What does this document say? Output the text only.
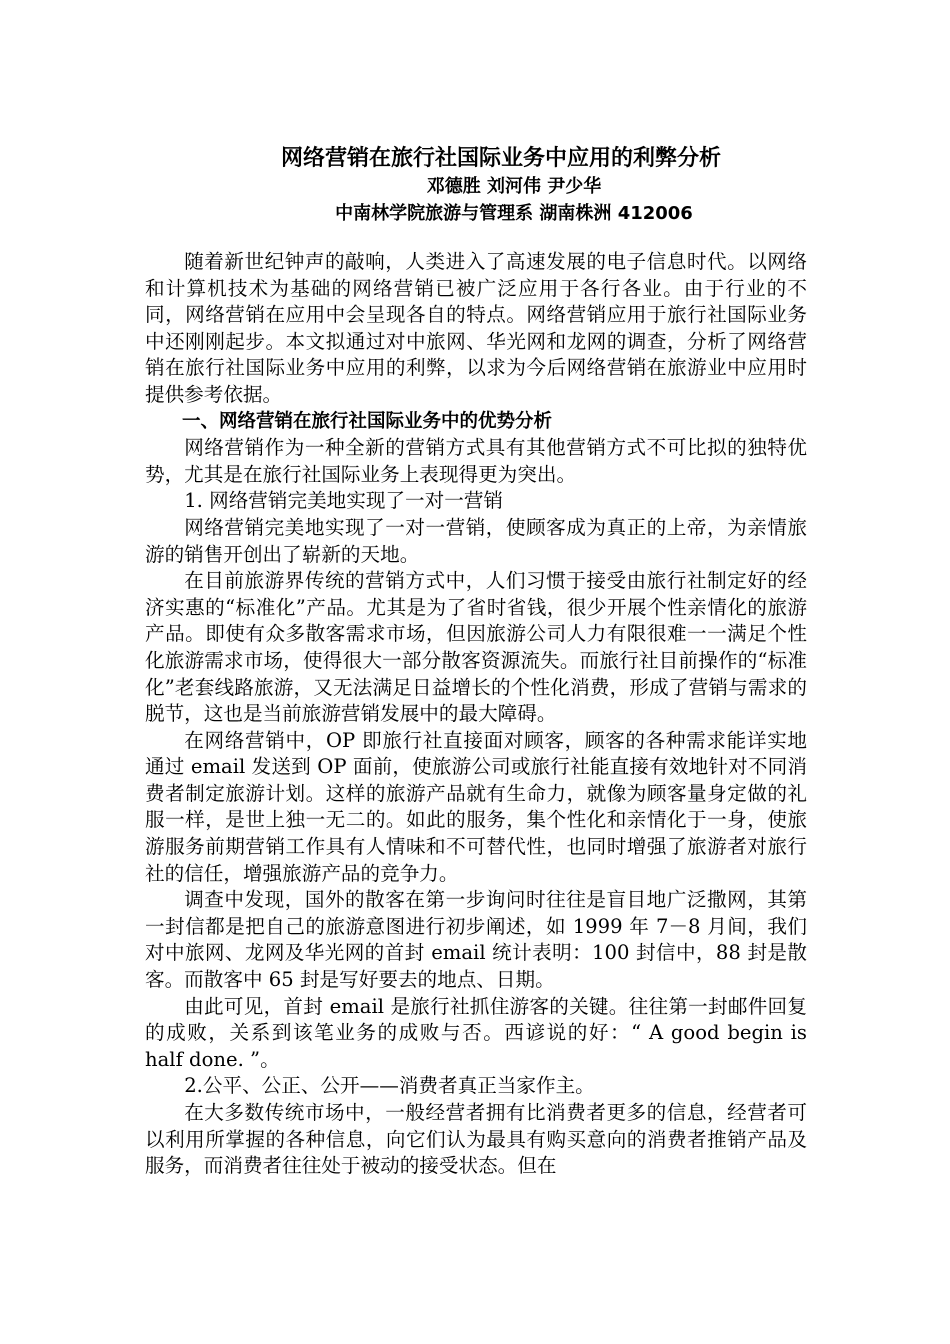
网络营销在旅行社国际业务中应用的利弊分析
邓德胜 刘河伟 尹少华
中南林学院旅游与管理系 湖南株洲 412006

随着新世纪钟声的敲响，人类进入了高速发展的电子信息时代。以网络和计算机技术为基础的网络营销已被广泛应用于各行各业。由于行业的不同，网络营销在应用中会呈现各自的特点。网络营销应用于旅行社国际业务中还刚刚起步。本文拟通过对中旅网、华光网和龙网的调查，分析了网络营销在旅行社国际业务中应用的利弊，以求为今后网络营销在旅游业中应用时提供参考依据。

一、网络营销在旅行社国际业务中的优势分析

网络营销作为一种全新的营销方式具有其他营销方式不可比拟的独特优势，尤其是在旅行社国际业务上表现得更为突出。

1. 网络营销完美地实现了一对一营销

网络营销完美地实现了一对一营销，使顾客成为真正的上帝，为亲情旅游的销售开创出了崭新的天地。

在目前旅游界传统的营销方式中，人们习惯于接受由旅行社制定好的经济实惠的“标准化”产品。尤其是为了省时省钱，很少开展个性亲情化的旅游产品。即使有众多散客需求市场，但因旅游公司人力有限很难一一满足个性化旅游需求市场，使得很大一部分散客资源流失。而旅行社目前操作的“标准化”老套线路旅游，又无法满足日益增长的个性化消费，形成了营销与需求的脱节，这也是当前旅游营销发展中的最大障碍。

在网络营销中，OP 即旅行社直接面对顾客，顾客的各种需求能详实地通过 email 发送到 OP 面前，使旅游公司或旅行社能直接有效地针对不同消费者制定旅游计划。这样的旅游产品就有生命力，就像为顾客量身定做的礼服一样，是世上独一无二的。如此的服务，集个性化和亲情化于一身，使旅游服务前期营销工作具有人情味和不可替代性，也同时增强了旅游者对旅行社的信任，增强旅游产品的竞争力。

调查中发现，国外的散客在第一步询问时往往是盲目地广泛撒网，其第一封信都是把自己的旅游意图进行初步阐述，如 1999 年 7－8 月间，我们对中旅网、龙网及华光网的首封 email 统计表明：100 封信中，88 封是散客。而散客中 65 封是写好要去的地点、日期。

由此可见，首封 email 是旅行社抓住游客的关键。往往第一封邮件回复的成败，关系到该笔业务的成败与否。西谚说的好：“ A good begin is half done. ”。

2.公平、公正、公开——消费者真正当家作主。

在大多数传统市场中，一般经营者拥有比消费者更多的信息，经营者可以利用所掌握的各种信息，向它们认为最具有购买意向的消费者推销产品及服务，而消费者往往处于被动的接受状态。但在
